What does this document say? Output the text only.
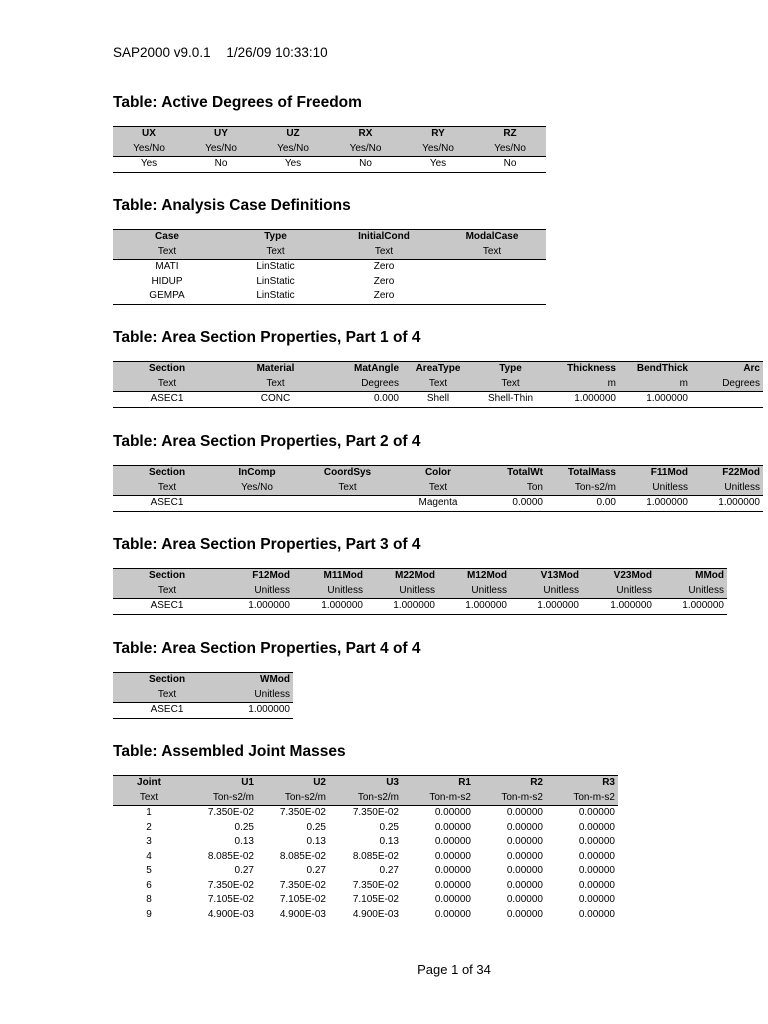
SAP2000 v9.0.1 1/26/09 10:33:10
Table: Active Degrees of Freedom
UX	UY	UZ	RX	RY	RZ
Yes/No	Yes/No	Yes/No	Yes/No	Yes/No	Yes/No
Yes	No	Yes	No	Yes	No
Table: Analysis Case Definitions
Case	Type	InitialCond	ModalCase
Text	Text	Text	Text
MATI	LinStatic	Zero	
HIDUP	LinStatic	Zero	
GEMPA	LinStatic	Zero	
Table: Area Section Properties, Part 1 of 4
Section	Material	MatAngle	AreaType	Type	Thickness	BendThick	Arc
Text	Text	Degrees	Text	Text	m	m	Degrees
ASEC1	CONC	0.000	Shell	Shell-Thin	1.000000	1.000000	
Table: Area Section Properties, Part 2 of 4
Section	InComp	CoordSys	Color	TotalWt	TotalMass	F11Mod	F22Mod
Text	Yes/No	Text	Text	Ton	Ton-s2/m	Unitless	Unitless
ASEC1			Magenta	0.0000	0.00	1.000000	1.000000
Table: Area Section Properties, Part 3 of 4
Section	F12Mod	M11Mod	M22Mod	M12Mod	V13Mod	V23Mod	MMod
Text	Unitless	Unitless	Unitless	Unitless	Unitless	Unitless	Unitless
ASEC1	1.000000	1.000000	1.000000	1.000000	1.000000	1.000000	1.000000
Table: Area Section Properties, Part 4 of 4
Section	WMod
Text	Unitless
ASEC1	1.000000
Table: Assembled Joint Masses
Joint	U1	U2	U3	R1	R2	R3
Text	Ton-s2/m	Ton-s2/m	Ton-s2/m	Ton-m-s2	Ton-m-s2	Ton-m-s2
1	7.350E-02	7.350E-02	7.350E-02	0.00000	0.00000	0.00000
2	0.25	0.25	0.25	0.00000	0.00000	0.00000
3	0.13	0.13	0.13	0.00000	0.00000	0.00000
4	8.085E-02	8.085E-02	8.085E-02	0.00000	0.00000	0.00000
5	0.27	0.27	0.27	0.00000	0.00000	0.00000
6	7.350E-02	7.350E-02	7.350E-02	0.00000	0.00000	0.00000
8	7.105E-02	7.105E-02	7.105E-02	0.00000	0.00000	0.00000
9	4.900E-03	4.900E-03	4.900E-03	0.00000	0.00000	0.00000
Page 1 of 34
